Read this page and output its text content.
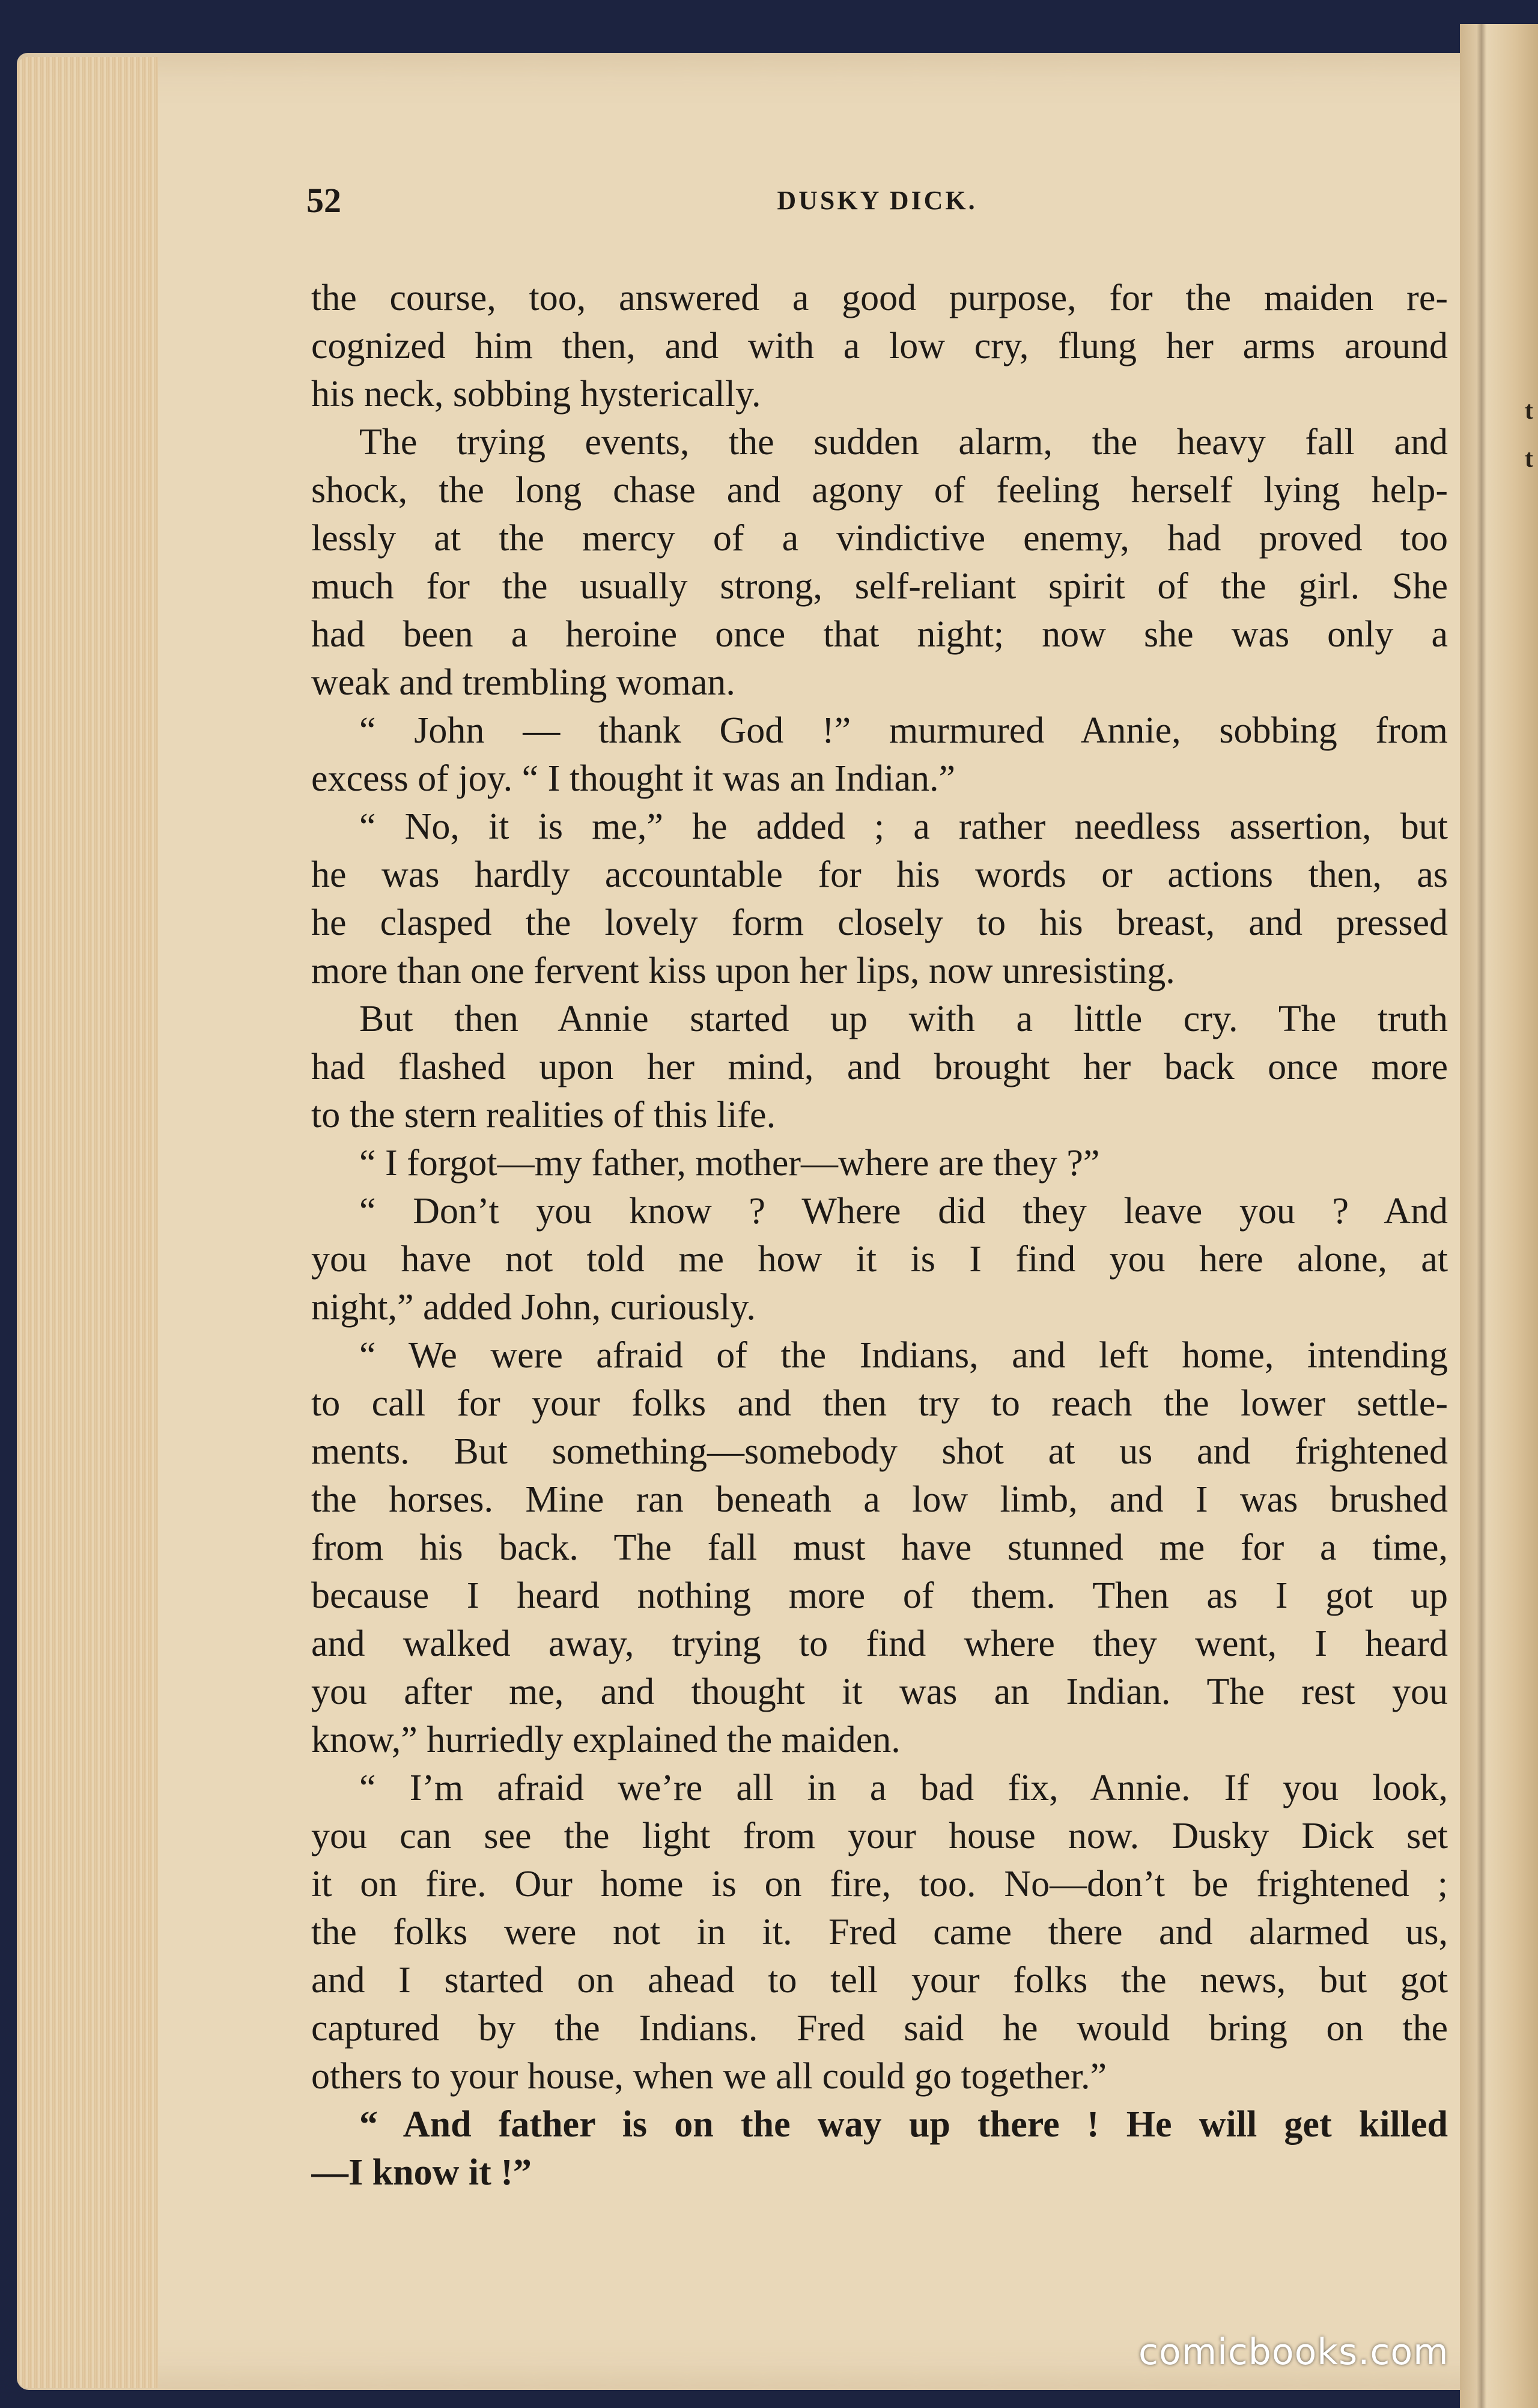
t
t
52	DUSKY DICK.
the course, too, answered a good purpose, for the maiden re-
cognized him then, and with a low cry, flung her arms around
his neck, sobbing hysterically.
The trying events, the sudden alarm, the heavy fall and
shock, the long chase and agony of feeling herself lying help-
lessly at the mercy of a vindictive enemy, had proved too
much for the usually strong, self-reliant spirit of the girl. She
had been a heroine once that night; now she was only a
weak and trembling woman.
“ John — thank God !” murmured Annie, sobbing from
excess of joy. “ I thought it was an Indian.”
“ No, it is me,” he added ; a rather needless assertion, but
he was hardly accountable for his words or actions then, as
he clasped the lovely form closely to his breast, and pressed
more than one fervent kiss upon her lips, now unresisting.
But then Annie started up with a little cry. The truth
had flashed upon her mind, and brought her back once more
to the stern realities of this life.
“ I forgot—my father, mother—where are they ?”
“ Don’t you know ? Where did they leave you ? And
you have not told me how it is I find you here alone, at
night,” added John, curiously.
“ We were afraid of the Indians, and left home, intending
to call for your folks and then try to reach the lower settle-
ments. But something—somebody shot at us and frightened
the horses. Mine ran beneath a low limb, and I was brushed
from his back. The fall must have stunned me for a time,
because I heard nothing more of them. Then as I got up
and walked away, trying to find where they went, I heard
you after me, and thought it was an Indian. The rest you
know,” hurriedly explained the maiden.
“ I’m afraid we’re all in a bad fix, Annie. If you look,
you can see the light from your house now. Dusky Dick set
it on fire. Our home is on fire, too. No—don’t be frightened ;
the folks were not in it. Fred came there and alarmed us,
and I started on ahead to tell your folks the news, but got
captured by the Indians. Fred said he would bring on the
others to your house, when we all could go together.”
“ And father is on the way up there ! He will get killed
—I know it !”
comicbooks.com
